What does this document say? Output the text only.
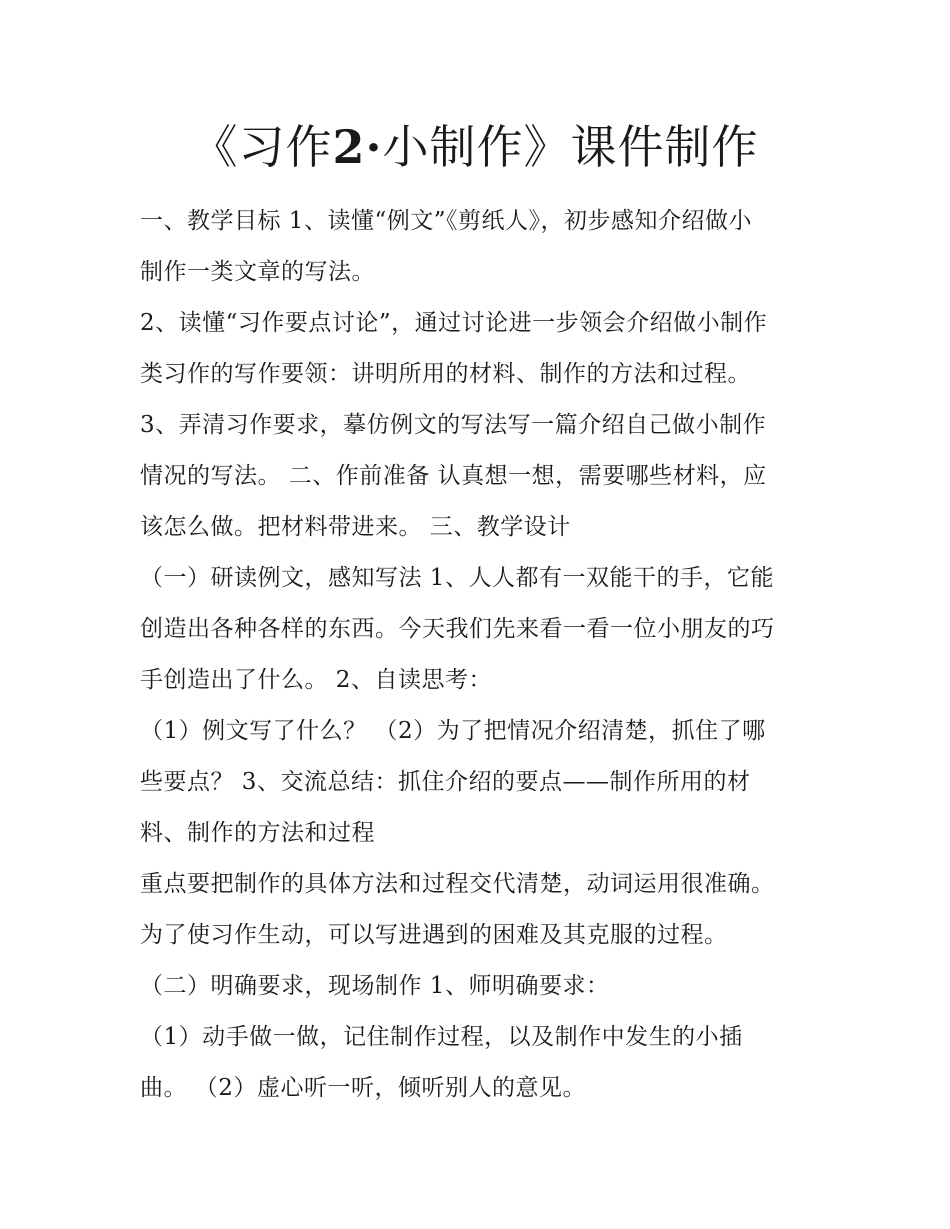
《习作2·小制作》课件制作
一、教学目标 1、读懂“例文”《剪纸人》，初步感知介绍做小
制作一类文章的写法。
2、读懂“习作要点讨论”，通过讨论进一步领会介绍做小制作
类习作的写作要领：讲明所用的材料、制作的方法和过程。
3、弄清习作要求，摹仿例文的写法写一篇介绍自己做小制作
情况的写法。 二、作前准备 认真想一想，需要哪些材料，应
该怎么做。把材料带进来。 三、教学设计
（一）研读例文，感知写法 1、人人都有一双能干的手，它能
创造出各种各样的东西。今天我们先来看一看一位小朋友的巧
手创造出了什么。 2、自读思考：
（1）例文写了什么？ （2）为了把情况介绍清楚，抓住了哪
些要点？ 3、交流总结：抓住介绍的要点——制作所用的材
料、制作的方法和过程
重点要把制作的具体方法和过程交代清楚，动词运用很准确。
为了使习作生动，可以写进遇到的困难及其克服的过程。
（二）明确要求，现场制作 1、师明确要求：
（1）动手做一做，记住制作过程，以及制作中发生的小插
曲。 （2）虚心听一听，倾听别人的意见。
